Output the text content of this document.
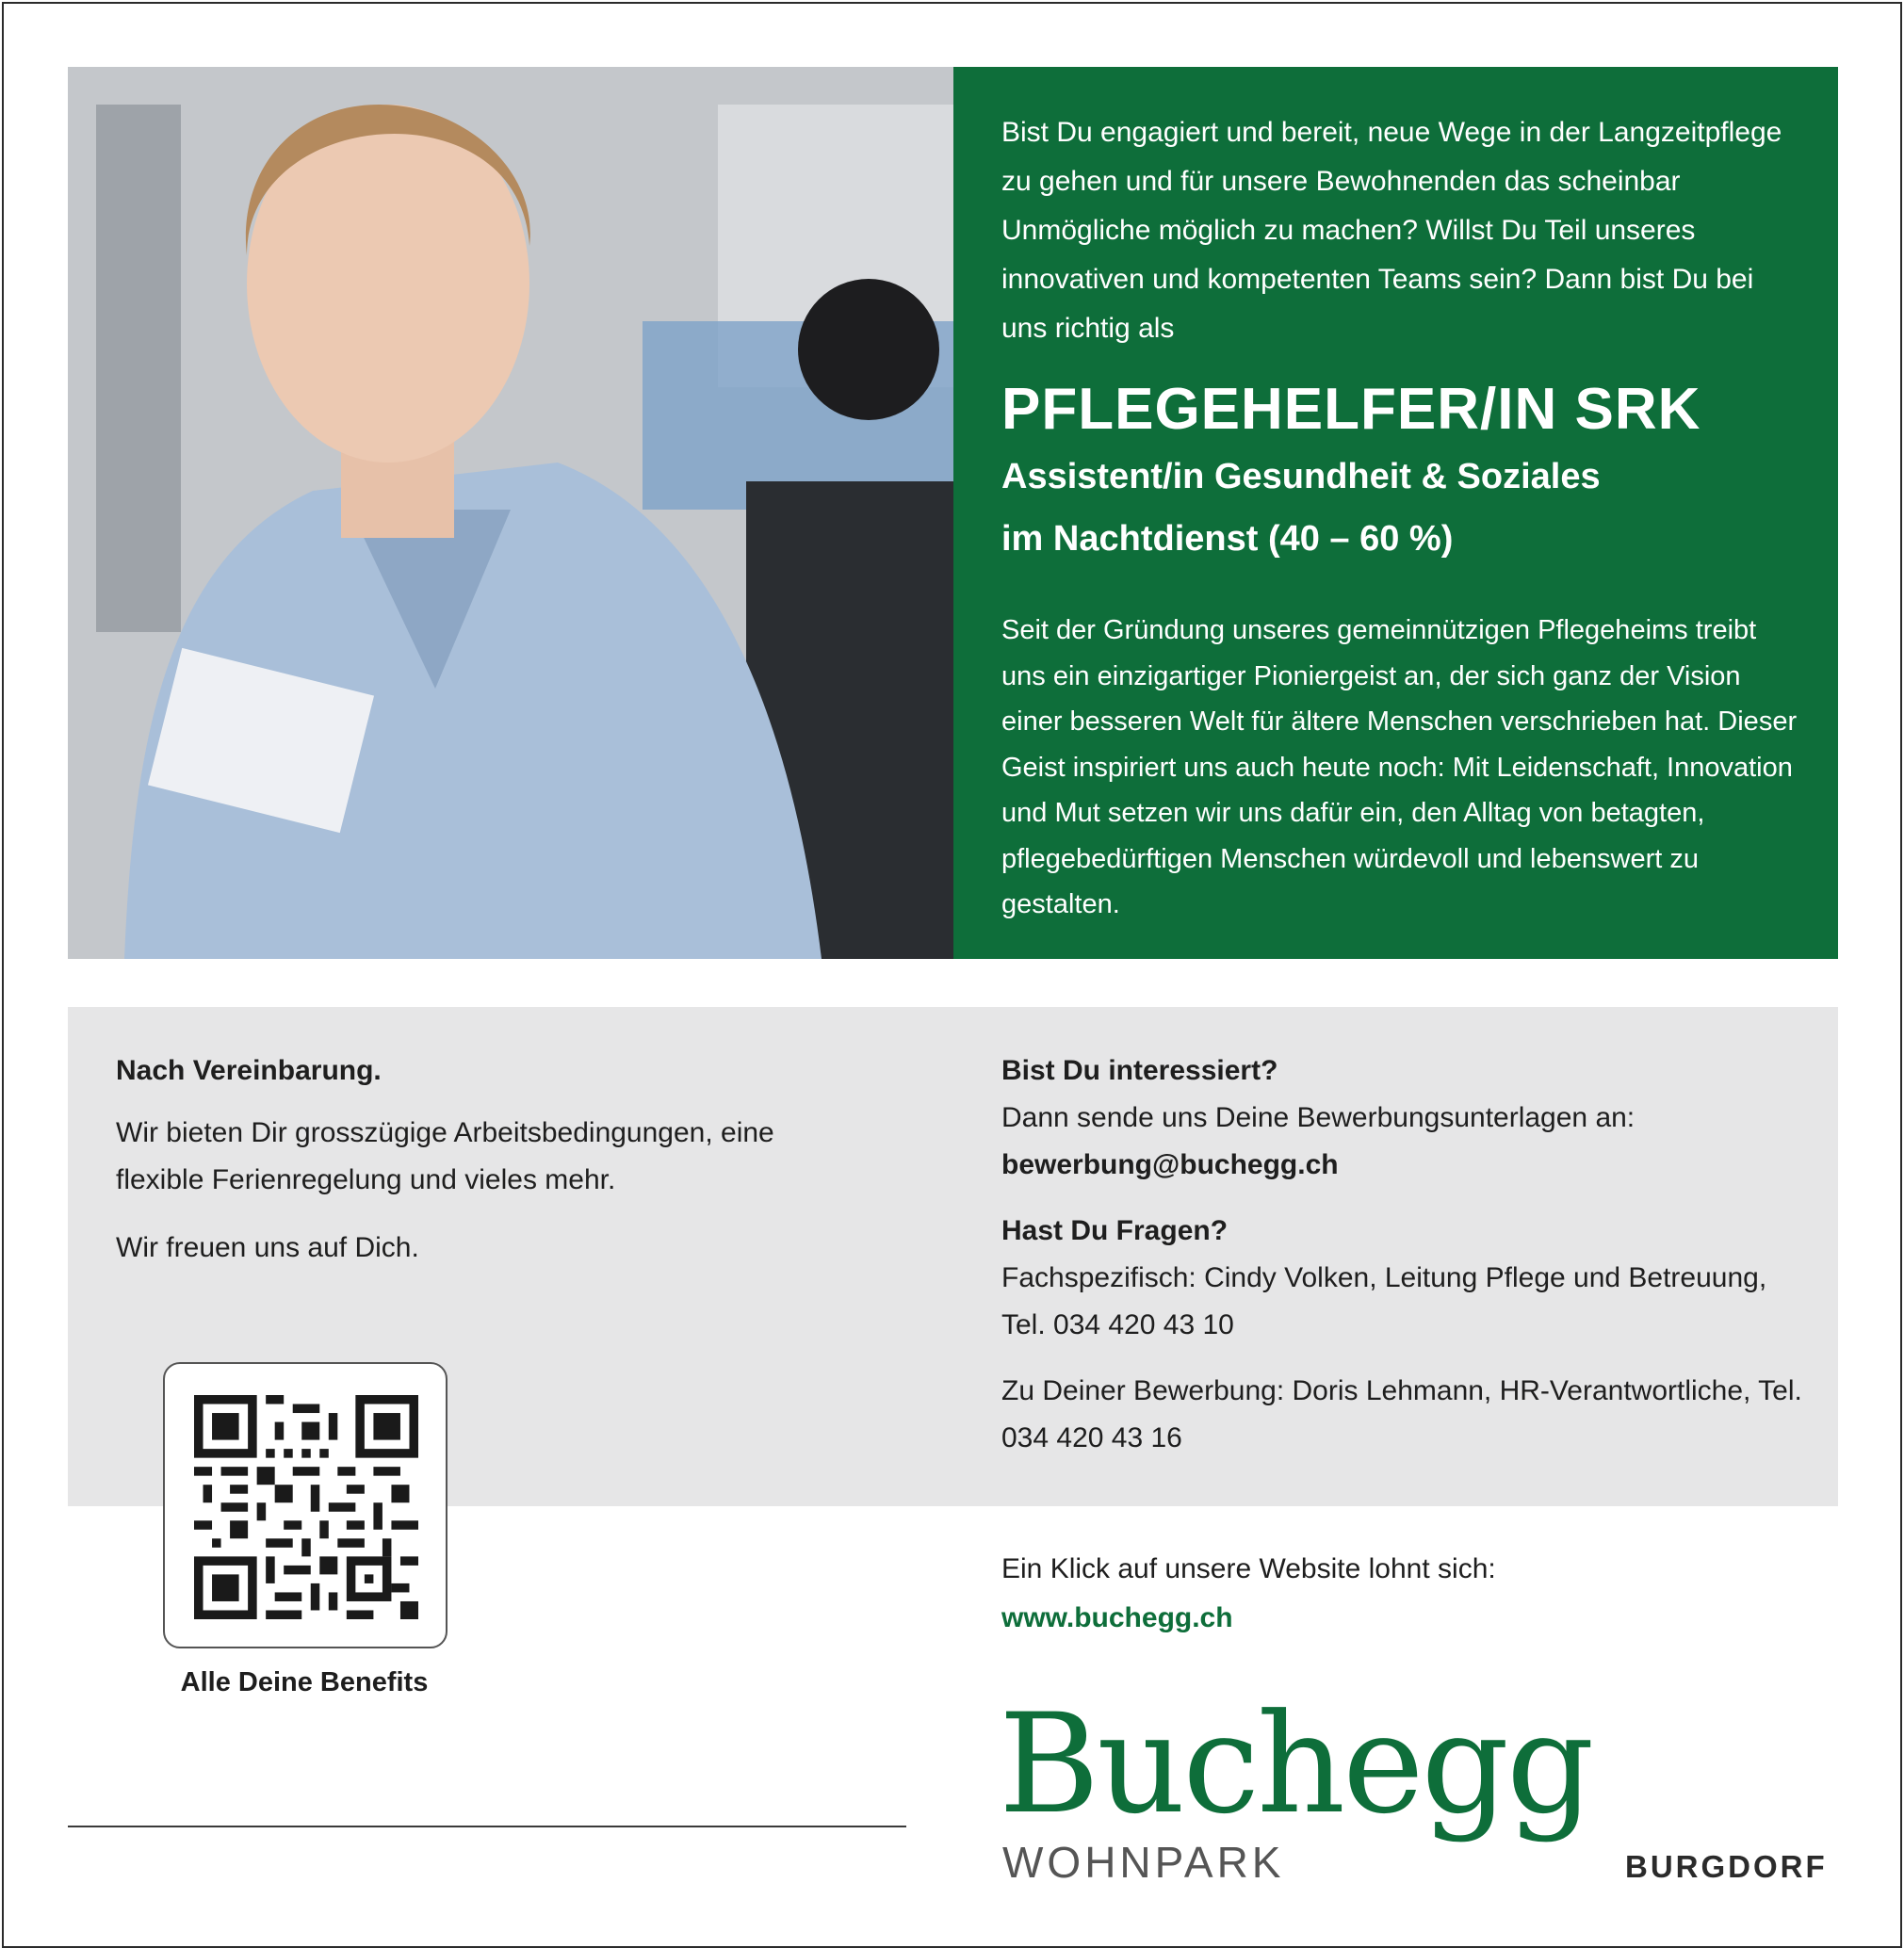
Bist Du engagiert und bereit, neue Wege in der Langzeitpflege zu gehen und für unsere Bewohnenden das scheinbar Unmögliche möglich zu machen? Willst Du Teil unseres innovativen und kompetenten Teams sein? Dann bist Du bei uns richtig als

PFLEGEHELFER/IN SRK

Assistent/in Gesundheit & Soziales

im Nachtdienst (40 – 60 %)

Seit der Gründung unseres gemeinnützigen Pflegeheims treibt uns ein einzigartiger Pioniergeist an, der sich ganz der Vision einer besseren Welt für ältere Menschen verschrieben hat. Dieser Geist inspiriert uns auch heute noch: Mit Leidenschaft, Innovation und Mut setzen wir uns dafür ein, den Alltag von betagten, pflegebedürftigen Menschen würdevoll und lebenswert zu gestalten.

Nach Vereinbarung.

Wir bieten Dir grosszügige Arbeitsbedingungen, eine flexible Ferienregelung und vieles mehr.

Wir freuen uns auf Dich.

Bist Du interessiert?
Dann sende uns Deine Bewerbungsunterlagen an:
bewerbung@buchegg.ch

Hast Du Fragen?
Fachspezifisch: Cindy Volken, Leitung Pflege und Betreuung, Tel. 034 420 43 10

Zu Deiner Bewerbung: Doris Lehmann, HR-Verantwortliche, Tel. 034 420 43 16

Alle Deine Benefits
Ein Klick auf unsere Website lohnt sich:
www.buchegg.ch
Buchegg
WOHNPARK	BURGDORF
